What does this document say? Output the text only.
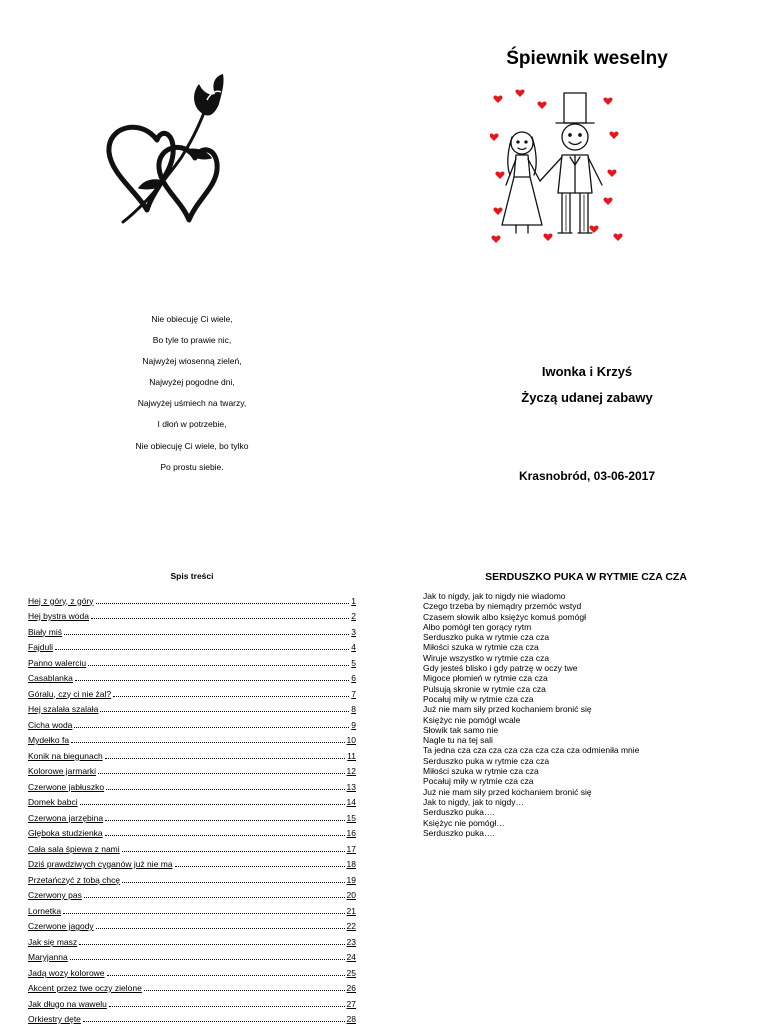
Nie obiecuję Ci wiele,
Bo tyle to prawie nic,
Najwyżej wiosenną zieleń,
Najwyżej pogodne dni,
Najwyżej uśmiech na twarzy,
I dłoń w potrzebie,
Nie obiecuję Ci wiele, bo tylko
Po prostu siebie.
Śpiewnik weselny
Iwonka i Krzyś
Życzą udanej zabawy
Krasnobród, 03-06-2017
Spis treści
Hej z góry, z góry	1
Hej bystra woda	2
Biały miś	3
Fajduli	4
Panno walerciu	5
Casablanka	6
Góralu, czy ci nie żal?	7
Hej szalała szalała	8
Cicha woda	9
Mydełko fa	10
Konik na biegunach	11
Kolorowe jarmarki	12
Czerwone jabłuszko	13
Domek babci	14
Czerwona jarzębina	15
Głęboka studzienka	16
Cała sala śpiewa z nami	17
Dziś prawdziwych cyganów już nie ma	18
Przetańczyć z tobą chcę	19
Czerwony pas	20
Lornetka	21
Czerwone jagody	22
Jak się masz	23
Maryjanna	24
Jadą wozy kolorowe	25
Akcent przez twe oczy zielone	26
Jak długo na wawelu	27
Orkiestry dęte	28
SERDUSZKO PUKA W RYTMIE CZA CZA
Jak to nigdy, jak to nigdy nie wiadomo
Czego trzeba by niemądry przemóc wstyd
Czasem słowik albo księżyc komuś pomógł
Albo pomógł ten gorący rytm
Serduszko puka w rytmie cza cza
Miłości szuka w rytmie cza cza
Wiruje wszystko w rytmie cza cza
Gdy jesteś blisko i gdy patrzę w oczy twe
Migoce płomień w rytmie cza cza
Pulsują skronie w rytmie cza cza
Pocałuj miły w rytmie cza cza
Już nie mam siły przed kochaniem bronić się
Księżyc nie pomógł wcale
Słowik tak samo nie
Nagle tu na tej sali
Ta jedna cza cza cza cza cza cza cza cza odmieniła mnie
Serduszko puka w rytmie cza cza
Miłości szuka w rytmie cza cza
Pocałuj miły w rytmie cza cza
Już nie mam siły przed kochaniem bronić się
Jak to nigdy, jak to nigdy…
Serduszko puka….
Księżyc nie pomógł…
Serduszko puka….
